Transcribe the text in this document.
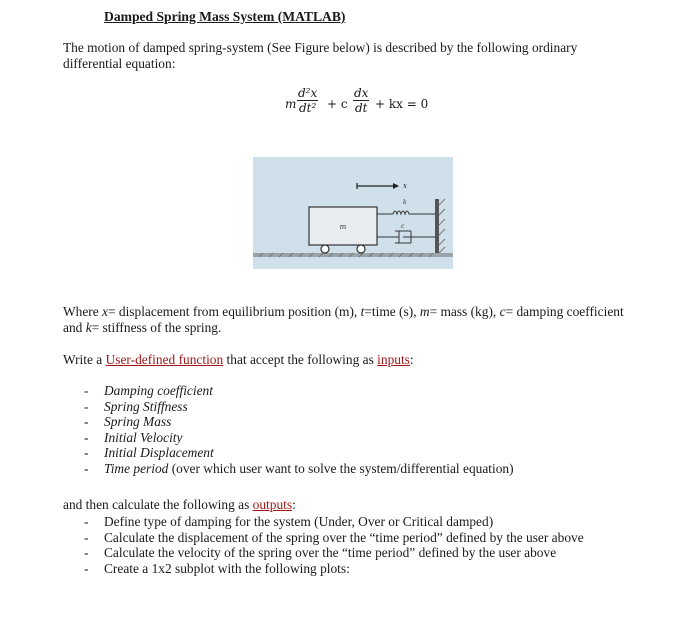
Damped Spring Mass System (MATLAB)
The motion of damped spring-system (See Figure below) is described by the following ordinary
differential equation:
m $\frac{\text{d²x}}{\text{dt²}} + c \frac{dx}{dt}$ + kx = 0
m
k
c
x
Where x= displacement from equilibrium position (m), t=time (s), m= mass (kg), c= damping coefficient
and k= stiffness of the spring.
Write a User-defined function that accept the following as inputs:
- Damping coefficient
- Spring Stiffness
- Spring Mass
- Initial Velocity
- Initial Displacement
- Time period (over which user want to solve the system/differential equation)
and then calculate the following as outputs:
- Define type of damping for the system (Under, Over or Critical damped)
- Calculate the displacement of the spring over the “time period” defined by the user above
- Calculate the velocity of the spring over the “time period” defined by the user above
- Create a 1x2 subplot with the following plots:
